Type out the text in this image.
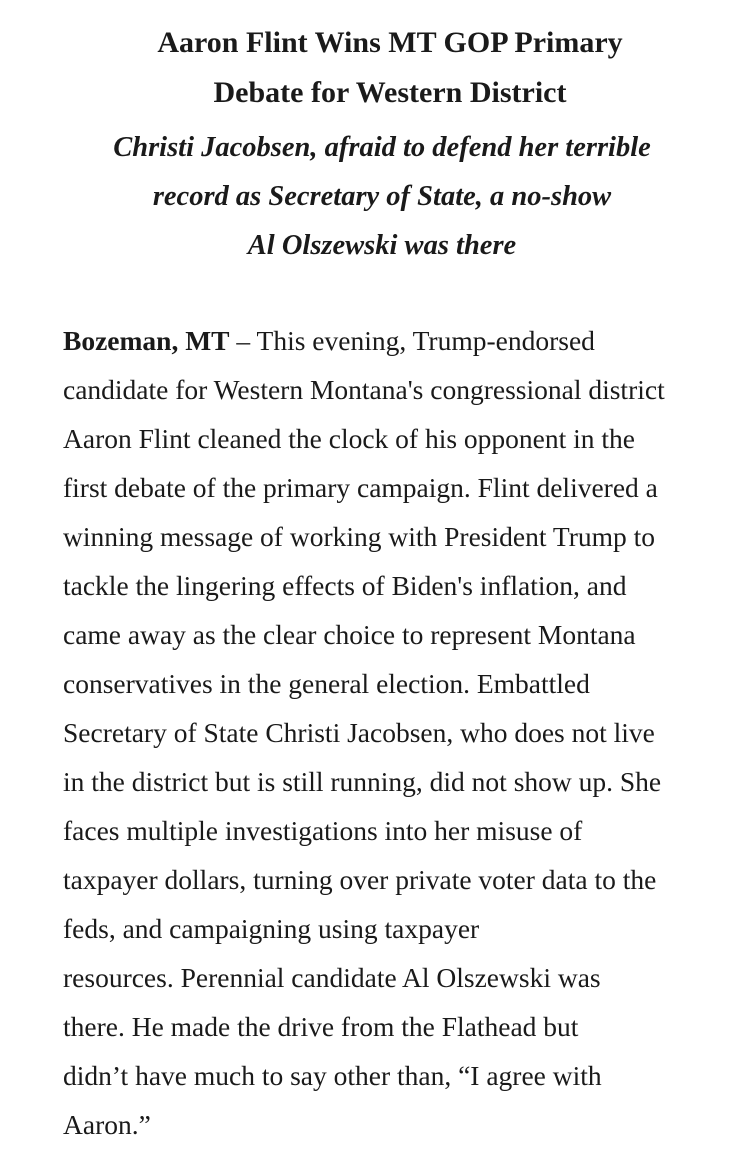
Aaron Flint Wins MT GOP Primary
Debate for Western District
Christi Jacobsen, afraid to defend her terrible
record as Secretary of State, a no-show
Al Olszewski was there

Bozeman, MT – This evening, Trump-endorsed
candidate for Western Montana's congressional district
Aaron Flint cleaned the clock of his opponent in the
first debate of the primary campaign. Flint delivered a
winning message of working with President Trump to
tackle the lingering effects of Biden's inflation, and
came away as the clear choice to represent Montana
conservatives in the general election. Embattled
Secretary of State Christi Jacobsen, who does not live
in the district but is still running, did not show up. She
faces multiple investigations into her misuse of
taxpayer dollars, turning over private voter data to the
feds, and campaigning using taxpayer
resources. Perennial candidate Al Olszewski was
there. He made the drive from the Flathead but
didn’t have much to say other than, “I agree with
Aaron.”
